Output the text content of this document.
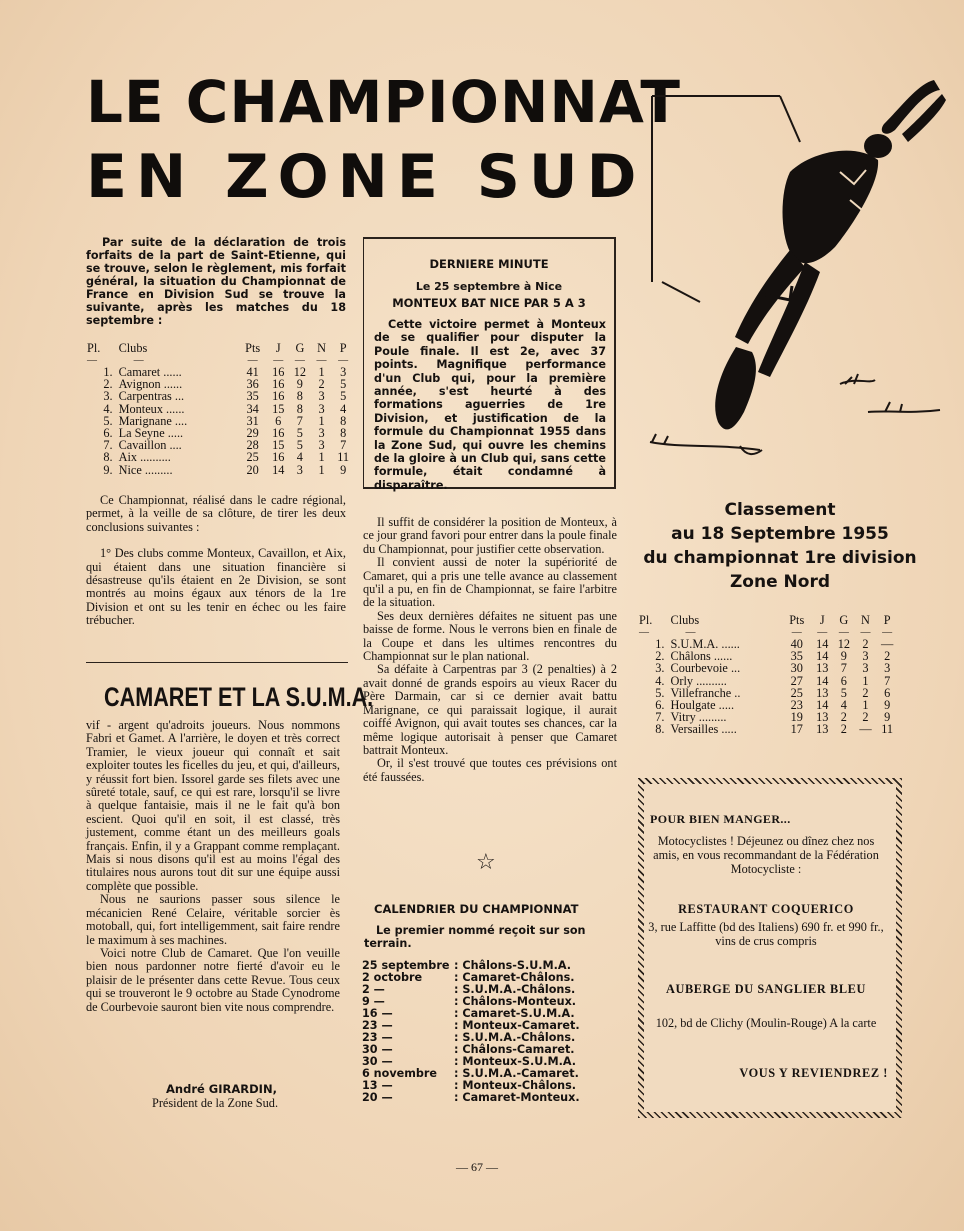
LE CHAMPIONNAT
EN ZONE SUD

Par suite de la déclaration de trois forfaits de la part de Saint-Etienne, qui se trouve, selon le règlement, mis forfait général, la situation du Championnat de France en Division Sud se trouve la suivante, après les matches du 18 septembre :

Pl.	Clubs	Pts	J	G	N	P
—	—	—	—	—	—	—
1.	Camaret ......	41	16	12	1	3
2.	Avignon ......	36	16	9	2	5
3.	Carpentras ...	35	16	8	3	5
4.	Monteux ......	34	15	8	3	4
5.	Marignane ....	31	6	7	1	8
6.	La Seyne .....	29	16	5	3	8
7.	Cavaillon ....	28	15	5	3	7
8.	Aix ..........	25	16	4	1	11
9.	Nice .........	20	14	3	1	9

Ce Championnat, réalisé dans le cadre régional, permet, à la veille de sa clôture, de tirer les deux conclusions suivantes :

1° Des clubs comme Monteux, Cavaillon, et Aix, qui étaient dans une situation financière si désastreuse qu'ils étaient en 2e Division, se sont montrés au moins égaux aux ténors de la 1re Division et ont su les tenir en échec ou les faire trébucher.

CAMARET ET LA S.U.M.A.

vif - argent qu'adroits joueurs. Nous nommons Fabri et Gamet. A l'arrière, le doyen et très correct Tramier, le vieux joueur qui connaît et sait exploiter toutes les ficelles du jeu, et qui, d'ailleurs, y réussit fort bien. Issorel garde ses filets avec une sûreté totale, sauf, ce qui est rare, lorsqu'il se livre à quelque fantaisie, mais il ne le fait qu'à bon escient. Quoi qu'il en soit, il est classé, très justement, comme étant un des meilleurs goals français. Enfin, il y a Grappant comme remplaçant. Mais si nous disons qu'il est au moins l'égal des titulaires nous aurons tout dit sur une équipe aussi complète que possible.

Nous ne saurions passer sous silence le mécanicien René Celaire, véritable sorcier ès motoball, qui, fort intelligemment, sait faire rendre le maximum à ses machines.

Voici notre Club de Camaret. Que l'on veuille bien nous pardonner notre fierté d'avoir eu le plaisir de le présenter dans cette Revue. Tous ceux qui se trouveront le 9 octobre au Stade Cynodrome de Courbevoie sauront bien vite nous comprendre.

André GIRARDIN,

Président de la Zone Sud.

DERNIERE MINUTE

Le 25 septembre à Nice

MONTEUX BAT NICE PAR 5 A 3

Cette victoire permet à Monteux de se qualifier pour disputer la Poule finale. Il est 2e, avec 37 points. Magnifique performance d'un Club qui, pour la première année, s'est heurté à des formations aguerries de 1re Division, et justification de la formule du Championnat 1955 dans la Zone Sud, qui ouvre les chemins de la gloire à un Club qui, sans cette formule, était condamné à disparaître.

Il suffit de considérer la position de Monteux, à ce jour grand favori pour entrer dans la poule finale du Championnat, pour justifier cette observation.

Il convient aussi de noter la supériorité de Camaret, qui a pris une telle avance au classement qu'il a pu, en fin de Championnat, se faire l'arbitre de la situation.

Ses deux dernières défaites ne situent pas une baisse de forme. Nous le verrons bien en finale de la Coupe et dans les ultimes rencontres du Championnat sur le plan national.

Sa défaite à Carpentras par 3 (2 penalties) à 2 avait donné de grands espoirs au vieux Racer du Père Darmain, car si ce dernier avait battu Marignane, ce qui paraissait logique, il aurait coiffé Avignon, qui avait toutes ses chances, car la même logique autorisait à penser que Camaret battrait Monteux.

Or, il s'est trouvé que toutes ces prévisions ont été faussées.

☆

CALENDRIER DU CHAMPIONNAT

Le premier nommé reçoit sur son terrain.

25 septembre	: Châlons-S.U.M.A.
2 octobre	: Camaret-Châlons.
2 —	: S.U.M.A.-Châlons.
9 —	: Châlons-Monteux.
16 —	: Camaret-S.U.M.A.
23 —	: Monteux-Camaret.
23 —	: S.U.M.A.-Châlons.
30 —	: Châlons-Camaret.
30 —	: Monteux-S.U.M.A.
6 novembre	: S.U.M.A.-Camaret.
13 —	: Monteux-Châlons.
20 —	: Camaret-Monteux.
Classement
au 18 Septembre 1955
du championnat 1re division
Zone Nord
Pl.	Clubs	Pts	J	G	N	P
—	—	—	—	—	—	—
1.	S.U.M.A. ......	40	14	12	2	—
2.	Châlons ......	35	14	9	3	2
3.	Courbevoie ...	30	13	7	3	3
4.	Orly ..........	27	14	6	1	7
5.	Villefranche ..	25	13	5	2	6
6.	Houlgate .....	23	14	4	1	9
7.	Vitry .........	19	13	2	2	9
8.	Versailles .....	17	13	2	—	11

POUR BIEN MANGER...

Motocyclistes ! Déjeunez ou dînez chez nos amis, en vous recommandant de la Fédération Motocycliste :

RESTAURANT COQUERICO

3, rue Laffitte (bd des Italiens) 690 fr. et 990 fr., vins de crus compris

AUBERGE DU SANGLIER BLEU

102, bd de Clichy (Moulin-Rouge) A la carte

VOUS Y REVIENDREZ !

— 67 —
